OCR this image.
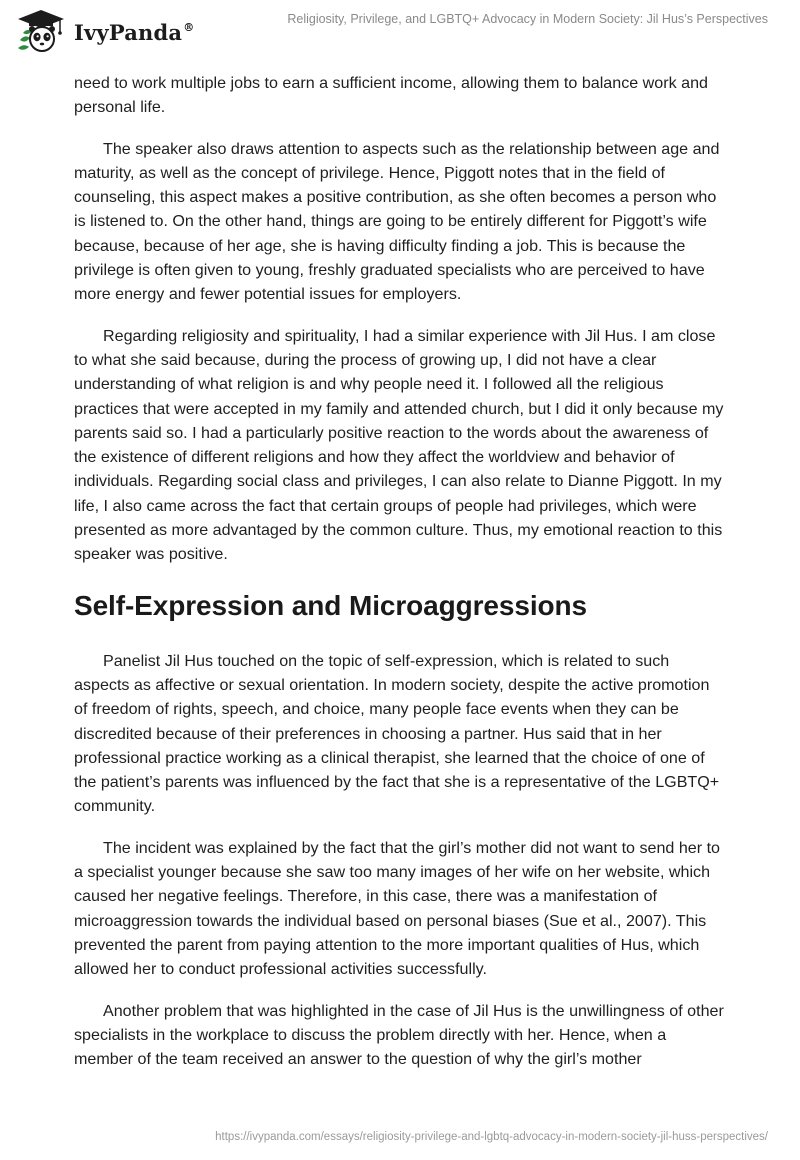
IvyPanda®
Religiosity, Privilege, and LGBTQ+ Advocacy in Modern Society: Jil Hus’s Perspectives

need to work multiple jobs to earn a sufficient income, allowing them to balance work and personal life.

The speaker also draws attention to aspects such as the relationship between age and maturity, as well as the concept of privilege. Hence, Piggott notes that in the field of counseling, this aspect makes a positive contribution, as she often becomes a person who is listened to. On the other hand, things are going to be entirely different for Piggott’s wife because, because of her age, she is having difficulty finding a job. This is because the privilege is often given to young, freshly graduated specialists who are perceived to have more energy and fewer potential issues for employers.

Regarding religiosity and spirituality, I had a similar experience with Jil Hus. I am close to what she said because, during the process of growing up, I did not have a clear understanding of what religion is and why people need it. I followed all the religious practices that were accepted in my family and attended church, but I did it only because my parents said so. I had a particularly positive reaction to the words about the awareness of the existence of different religions and how they affect the worldview and behavior of individuals. Regarding social class and privileges, I can also relate to Dianne Piggott. In my life, I also came across the fact that certain groups of people had privileges, which were presented as more advantaged by the common culture. Thus, my emotional reaction to this speaker was positive.

Self-Expression and Microaggressions

Panelist Jil Hus touched on the topic of self-expression, which is related to such aspects as affective or sexual orientation. In modern society, despite the active promotion of freedom of rights, speech, and choice, many people face events when they can be discredited because of their preferences in choosing a partner. Hus said that in her professional practice working as a clinical therapist, she learned that the choice of one of the patient’s parents was influenced by the fact that she is a representative of the LGBTQ+ community.

The incident was explained by the fact that the girl’s mother did not want to send her to a specialist younger because she saw too many images of her wife on her website, which caused her negative feelings. Therefore, in this case, there was a manifestation of microaggression towards the individual based on personal biases (Sue et al., 2007). This prevented the parent from paying attention to the more important qualities of Hus, which allowed her to conduct professional activities successfully.

Another problem that was highlighted in the case of Jil Hus is the unwillingness of other specialists in the workplace to discuss the problem directly with her. Hence, when a member of the team received an answer to the question of why the girl’s mother

https://ivypanda.com/essays/religiosity-privilege-and-lgbtq-advocacy-in-modern-society-jil-huss-perspectives/
